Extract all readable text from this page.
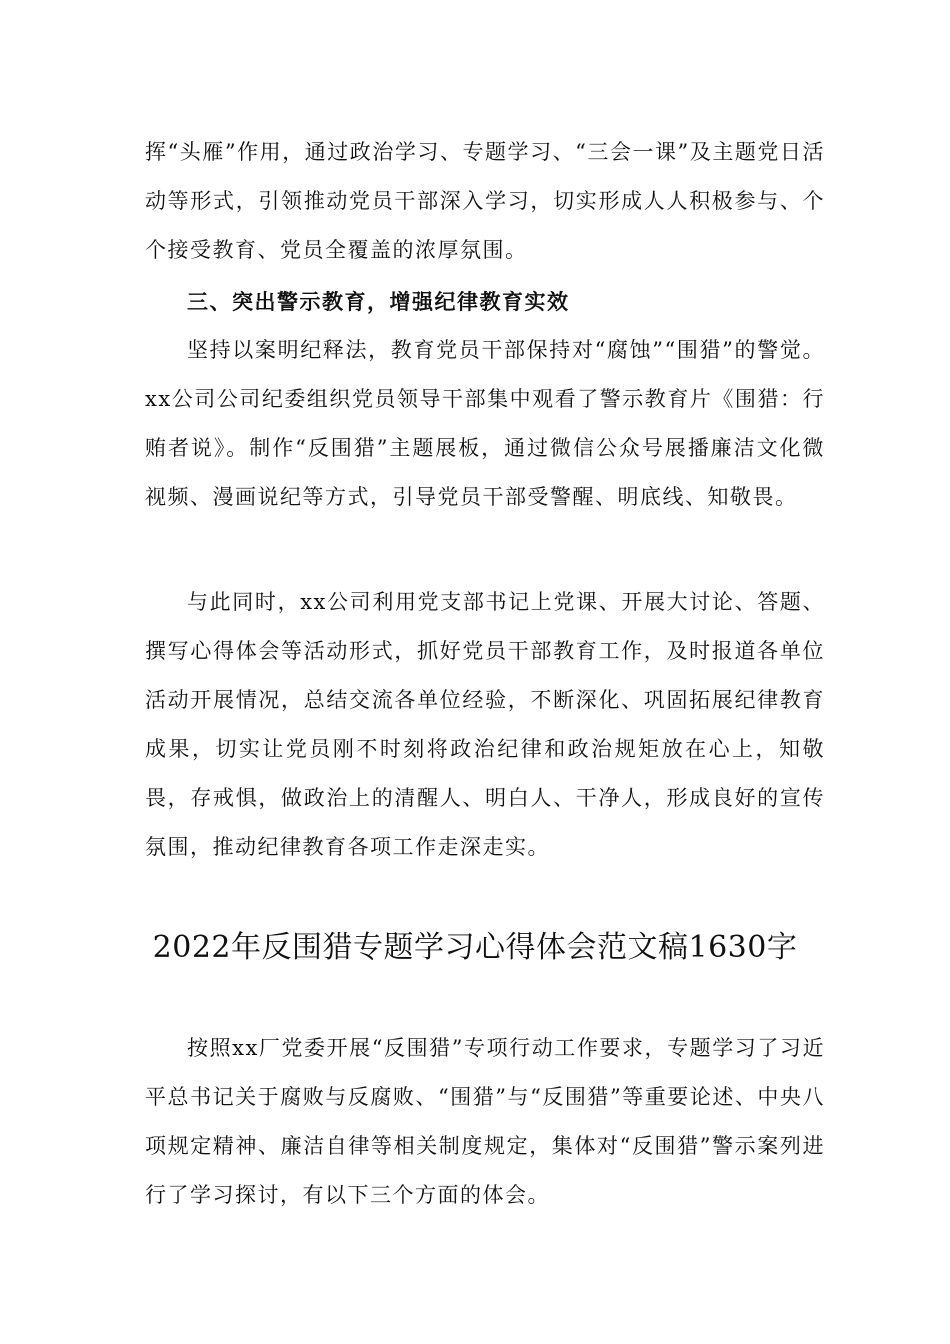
挥“头雁”作用，通过政治学习、专题学习、“三会一课”及主题党日活动等形式，引领推动党员干部深入学习，切实形成人人积极参与、个个接受教育、党员全覆盖的浓厚氛围。

三、突出警示教育，增强纪律教育实效

坚持以案明纪释法，教育党员干部保持对“腐蚀”“围猎”的警觉。xx公司公司纪委组织党员领导干部集中观看了警示教育片《围猎：行贿者说》。制作“反围猎”主题展板，通过微信公众号展播廉洁文化微视频、漫画说纪等方式，引导党员干部受警醒、明底线、知敬畏。

与此同时，xx公司利用党支部书记上党课、开展大讨论、答题、撰写心得体会等活动形式，抓好党员干部教育工作，及时报道各单位活动开展情况，总结交流各单位经验，不断深化、巩固拓展纪律教育成果，切实让党员刚不时刻将政治纪律和政治规矩放在心上，知敬畏，存戒惧，做政治上的清醒人、明白人、干净人，形成良好的宣传氛围，推动纪律教育各项工作走深走实。

2022年反围猎专题学习心得体会范文稿1630字

按照xx厂党委开展“反围猎”专项行动工作要求，专题学习了习近平总书记关于腐败与反腐败、“围猎”与“反围猎”等重要论述、中央八项规定精神、廉洁自律等相关制度规定，集体对“反围猎”警示案列进行了学习探讨，有以下三个方面的体会。
